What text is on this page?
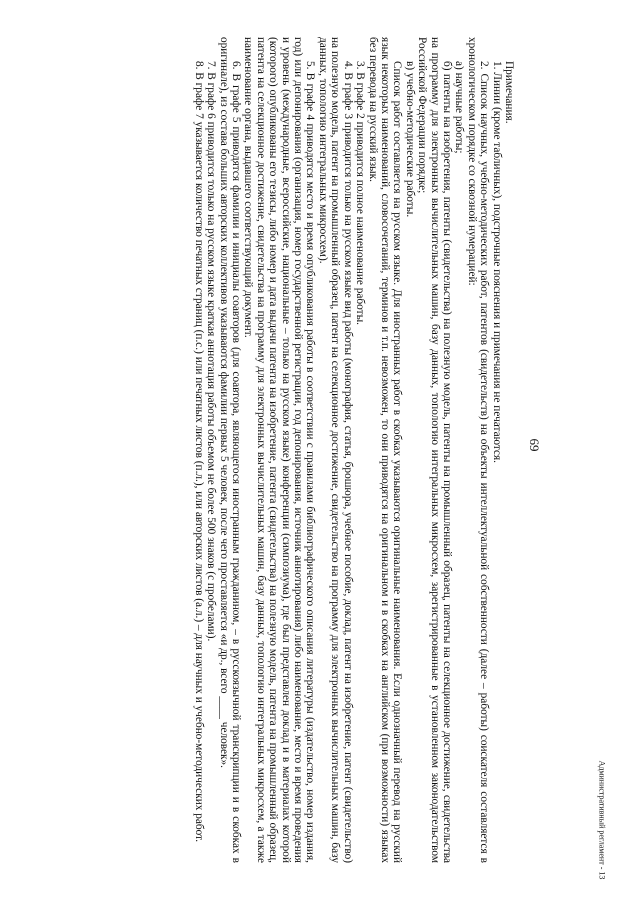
69

Примечания.

1. Линии (кроме табличных), подстрочные пояснения и примечания не печатаются.

2. Список научных, учебно-методических работ, патентов (свидетельств) на объекты интеллектуальной собственности (далее – работы) соискателя составляется в хронологическом порядке со сквозной нумерацией:

а) научные работы;

б) патенты на изобретения, патенты (свидетельства) на полезную модель, патенты на промышленный образец, патенты на селекционное достижение, свидетельства на программу для электронных вычислительных машин, базу данных, топологию интегральных микросхем, зарегистрированные в установленном законодательством Российской Федерации порядке;

в) учебно-методические работы.

Список работ составляется на русском языке. Для иностранных работ в скобках указываются оригинальные наименования. Если однозначный перевод на русский язык некоторых наименований, словосочетаний, терминов и т.п. невозможен, то они приводятся на оригинальном и в скобках на английском (при возможности) языках без перевода на русский язык.

3. В графе 2 приводится полное наименование работы.

4. В графе 3 приводится только на русском языке вид работы (монография, статья, брошюра, учебное пособие, доклад, патент на изобретение, патент (свидетельство) на полезную модель, патент на промышленный образец, патент на селекционное достижение, свидетельство на программу для электронных вычислительных машин, базу данных, топологию интегральных микросхем).

5. В графе 4 приводятся место и время опубликования работы в соответствии с правилами библиографического описания литературы (издательство, номер издания, год) или депонирования (организация, номер государственной регистрации, год депонирования, источник аннотирования) либо наименование, место и время проведения и уровень (международные, всероссийские, национальные – только на русском языке) конференции (симпозиума), где был представлен доклад и в материалах которой (которого) опубликованы его тезисы, либо номер и дата выдачи патента на изобретение, патента (свидетельства) на полезную модель, патента на промышленный образец, патента на селекционное достижение, свидетельства на программу для электронных вычислительных машин, базу данных, топологию интегральных микросхем, а также наименование органа, выдавшего соответствующий документ.

6. В графе 5 приводятся фамилии и инициалы соавторов (для соавтора, являющегося иностранным гражданином, – в русскоязычной транскрипции и в скобках в оригинале), из состава больших авторских коллективов указываются фамилии первых 5 человек, после чего проставляется «и др., всего ____ человек».

7. В графе 6 приводится только на русском языке краткая аннотация работы объемом не более 500 знаков (с пробелами).

8. В графе 7 указывается количество печатных страниц (п.с.) или печатных листов (п.л.), или авторских листов (а.л.) – для научных и учебно-методических работ.	Административный регламент - 13
